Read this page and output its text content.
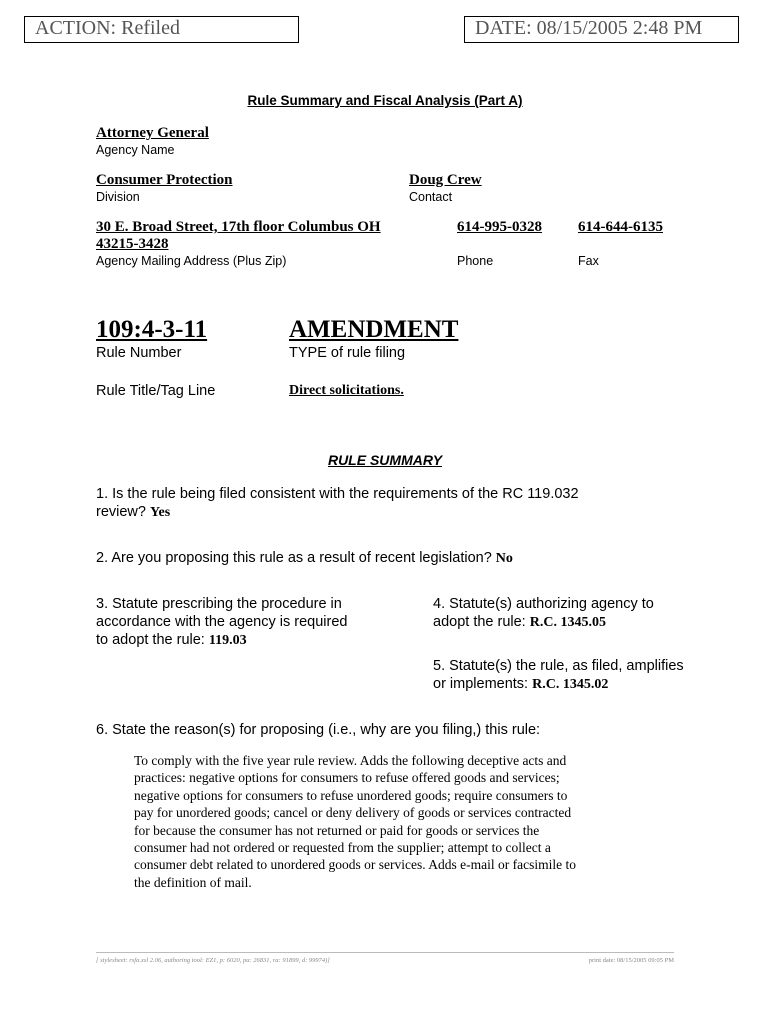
ACTION: Refiled	DATE: 08/15/2005 2:48 PM
Rule Summary and Fiscal Analysis (Part A)
Attorney General
Agency Name
Consumer Protection
Division
Doug Crew
Contact
30 E. Broad Street, 17th floor Columbus OH
43215-3428
Agency Mailing Address (Plus Zip)
614-995-0328
Phone
614-644-6135
Fax
109:4-3-11
Rule Number
AMENDMENT
TYPE of rule filing
Rule Title/Tag Line	Direct solicitations.
RULE SUMMARY
1. Is the rule being filed consistent with the requirements of the RC 119.032
review? Yes
2. Are you proposing this rule as a result of recent legislation? No
3. Statute prescribing the procedure in
accordance with the agency is required
to adopt the rule: 119.03
4. Statute(s) authorizing agency to
adopt the rule: R.C. 1345.05
5. Statute(s) the rule, as filed, amplifies
or implements: R.C. 1345.02
6. State the reason(s) for proposing (i.e., why are you filing,) this rule:
To comply with the five year rule review. Adds the following deceptive acts and
practices: negative options for consumers to refuse offered goods and services;
negative options for consumers to refuse unordered goods; require consumers to
pay for unordered goods; cancel or deny delivery of goods or services contracted
for because the consumer has not returned or paid for goods or services the
consumer had not ordered or requested from the supplier; attempt to collect a
consumer debt related to unordered goods or services. Adds e-mail or facsimile to
the definition of mail.
[ stylesheet: rsfa.xsl 2.06, authoring tool: EZ1, p: 6020, pa: 26831, ra: 91899, d: 99974)]	print date: 08/15/2005 09:05 PM
